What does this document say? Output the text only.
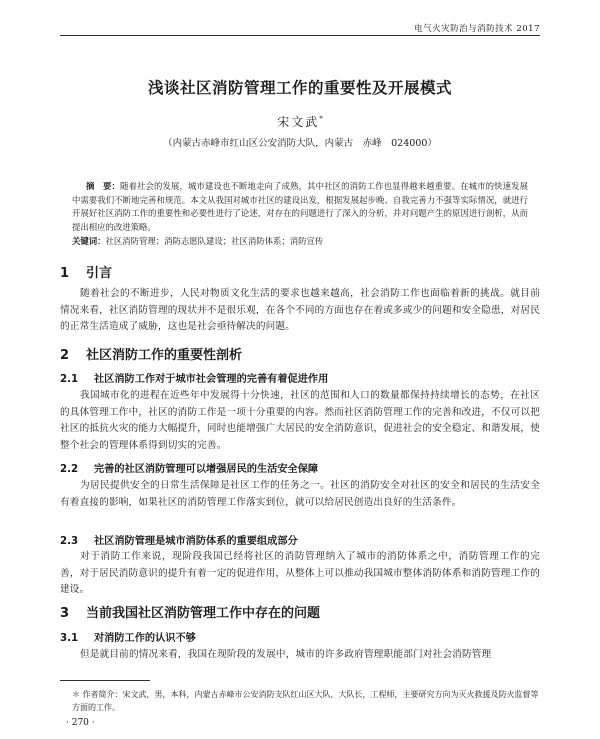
电气火灾防治与消防技术 2017
浅谈社区消防管理工作的重要性及开展模式
宋文武*
（内蒙古赤峰市红山区公安消防大队，内蒙古　赤峰　024000）
摘　要：随着社会的发展，城市建设也不断地走向了成熟，其中社区的消防工作也显得越来越重要。在城市的快速发展中需要我们不断地完善和规范。本文从我国对城市社区的建设出发，根据发展起步晚、自我完善力不强等实际情况，就进行开展好社区消防工作的重要性和必要性进行了论述，对存在的问题进行了深入的分析，并对问题产生的原因进行剖析，从而提出相应的改进策略。
关键词：社区消防管理；消防志愿队建设；社区消防体系；消防宣传
1 引言
随着社会的不断进步，人民对物质文化生活的要求也越来越高，社会消防工作也面临着新的挑战。就目前情况来看，社区消防管理的现状并不是很乐观，在各个不同的方面也存在着或多或少的问题和安全隐患，对居民的正常生活造成了威胁，这也是社会亟待解决的问题。
2 社区消防工作的重要性剖析
2.1 社区消防工作对于城市社会管理的完善有着促进作用
我国城市化的进程在近些年中发展得十分快速，社区的范围和人口的数量都保持持续增长的态势，在社区的具体管理工作中，社区的消防工作是一项十分重要的内容。然而社区消防管理工作的完善和改进，不仅可以把社区的抵抗火灾的能力大幅提升，同时也能增强广大居民的安全消防意识，促进社会的安全稳定、和谐发展，使整个社会的管理体系得到切实的完善。
2.2 完善的社区消防管理可以增强居民的生活安全保障
为居民提供安全的日常生活保障是社区工作的任务之一。社区的消防安全对社区的安全和居民的生活安全有着直接的影响，如果社区的消防管理工作落实到位，就可以给居民创造出良好的生活条件。
2.3 社区消防管理是城市消防体系的重要组成部分
对于消防工作来说，现阶段我国已经将社区的消防管理纳入了城市的消防体系之中，消防管理工作的完善，对于居民消防意识的提升有着一定的促进作用，从整体上可以推动我国城市整体消防体系和消防管理工作的建设。
3 当前我国社区消防管理工作中存在的问题
3.1 对消防工作的认识不够
但是就目前的情况来看，我国在现阶段的发展中，城市的许多政府管理职能部门对社会消防管理
＊ 作者简介：宋文武，男，本科，内蒙古赤峰市公安消防支队红山区大队，大队长，工程师，主要研究方向为灭火救援及防火监督等方面的工作。
· 270 ·
